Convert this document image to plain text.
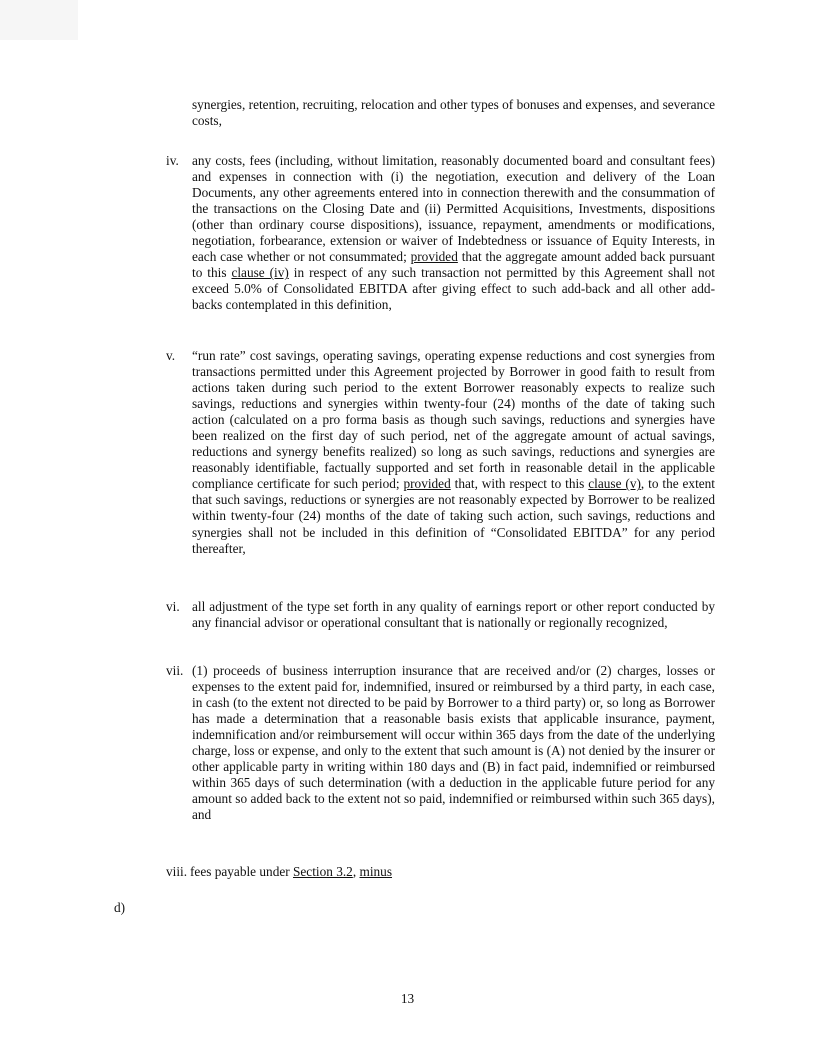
synergies, retention, recruiting, relocation and other types of bonuses and expenses, and severance costs,

iv. any costs, fees (including, without limitation, reasonably documented board and consultant fees) and expenses in connection with (i) the negotiation, execution and delivery of the Loan Documents, any other agreements entered into in connection therewith and the consummation of the transactions on the Closing Date and (ii) Permitted Acquisitions, Investments, dispositions (other than ordinary course dispositions), issuance, repayment, amendments or modifications, negotiation, forbearance, extension or waiver of Indebtedness or issuance of Equity Interests, in each case whether or not consummated; provided that the aggregate amount added back pursuant to this clause (iv) in respect of any such transaction not permitted by this Agreement shall not exceed 5.0% of Consolidated EBITDA after giving effect to such add-back and all other add-backs contemplated in this definition,
v. “run rate” cost savings, operating savings, operating expense reductions and cost synergies from transactions permitted under this Agreement projected by Borrower in good faith to result from actions taken during such period to the extent Borrower reasonably expects to realize such savings, reductions and synergies within twenty-four (24) months of the date of taking such action (calculated on a pro forma basis as though such savings, reductions and synergies have been realized on the first day of such period, net of the aggregate amount of actual savings, reductions and synergy benefits realized) so long as such savings, reductions and synergies are reasonably identifiable, factually supported and set forth in reasonable detail in the applicable compliance certificate for such period; provided that, with respect to this clause (v), to the extent that such savings, reductions or synergies are not reasonably expected by Borrower to be realized within twenty-four (24) months of the date of taking such action, such savings, reductions and synergies shall not be included in this definition of “Consolidated EBITDA” for any period thereafter,
vi. all adjustment of the type set forth in any quality of earnings report or other report conducted by any financial advisor or operational consultant that is nationally or regionally recognized,
vii. (1) proceeds of business interruption insurance that are received and/or (2) charges, losses or expenses to the extent paid for, indemnified, insured or reimbursed by a third party, in each case, in cash (to the extent not directed to be paid by Borrower to a third party) or, so long as Borrower has made a determination that a reasonable basis exists that applicable insurance, payment, indemnification and/or reimbursement will occur within 365 days from the date of the underlying charge, loss or expense, and only to the extent that such amount is (A) not denied by the insurer or other applicable party in writing within 180 days and (B) in fact paid, indemnified or reimbursed within 365 days of such determination (with a deduction in the applicable future period for any amount so added back to the extent not so paid, indemnified or reimbursed within such 365 days), and
viii. fees payable under Section 3.2, minus
d)
13
